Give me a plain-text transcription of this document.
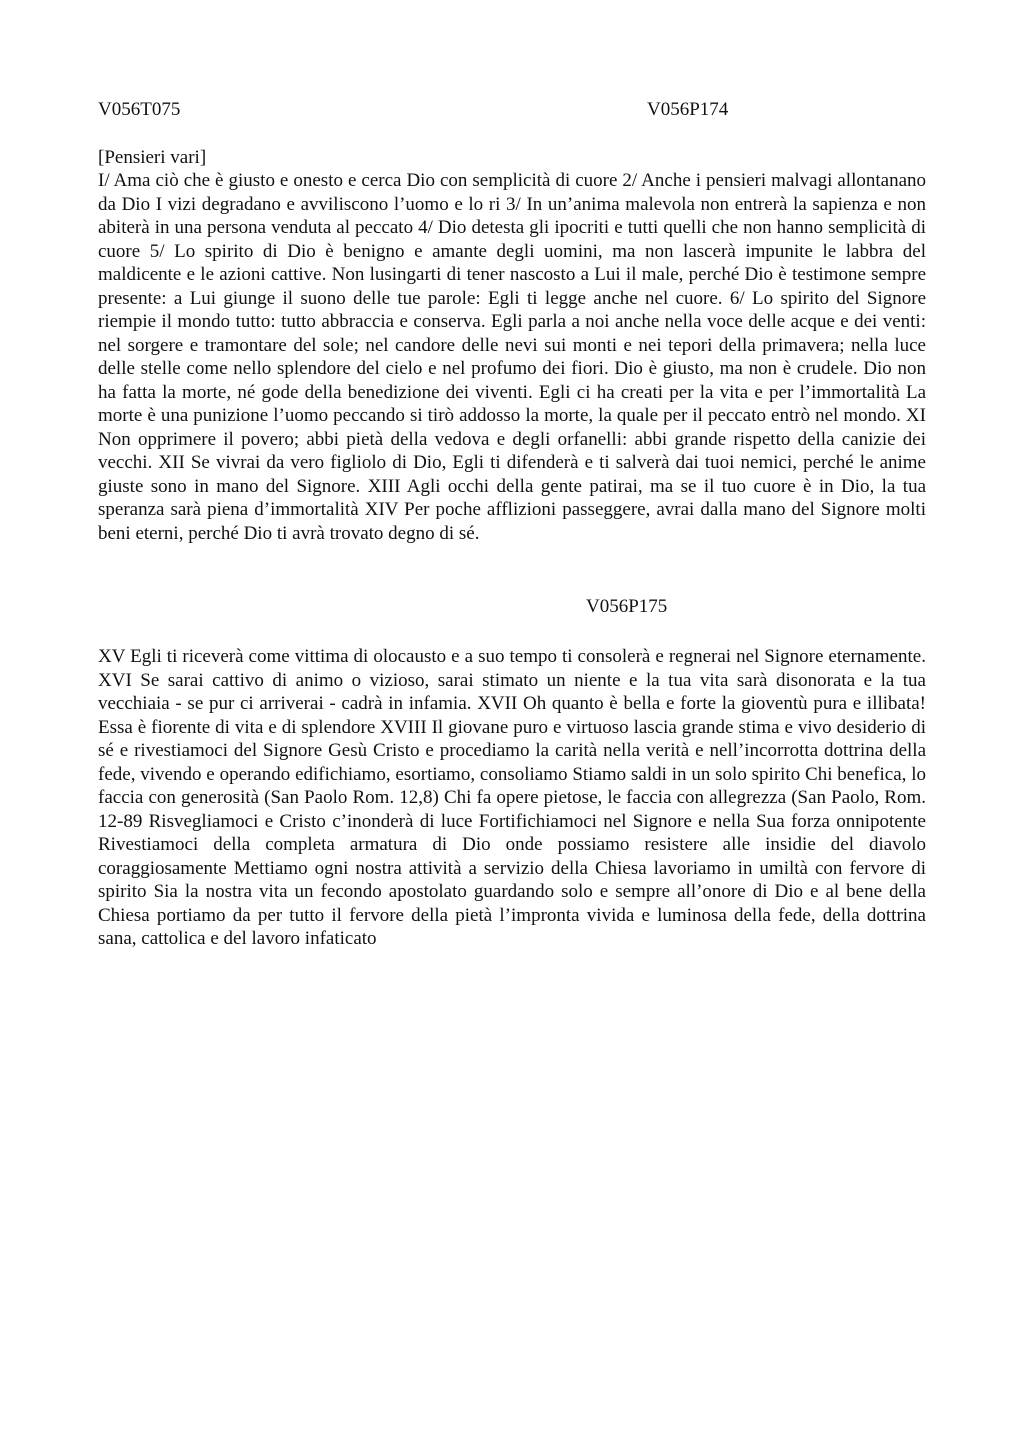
V056T075	V056P174
[Pensieri vari]
I/ Ama ciò che è giusto e onesto e cerca Dio con semplicità di cuore 2/ Anche i pensieri malvagi allontanano da Dio I vizi degradano e avviliscono l’uomo e lo ri 3/ In un’anima malevola non entrerà la sapienza e non abiterà in una persona venduta al peccato 4/ Dio detesta gli ipocriti e tutti quelli che non hanno semplicità di cuore 5/ Lo spirito di Dio è benigno e amante degli uomini, ma non lascerà impunite le labbra del maldicente e le azioni cattive. Non lusingarti di tener nascosto a Lui il male, perché Dio è testimone sempre presente: a Lui giunge il suono delle tue parole: Egli ti legge anche nel cuore. 6/ Lo spirito del Signore riempie il mondo tutto: tutto abbraccia e conserva. Egli parla a noi anche nella voce delle acque e dei venti: nel sorgere e tramontare del sole; nel candore delle nevi sui monti e nei tepori della primavera; nella luce delle stelle come nello splendore del cielo e nel profumo dei fiori. Dio è giusto, ma non è crudele. Dio non ha fatta la morte, né gode della benedizione dei viventi. Egli ci ha creati per la vita e per l’immortalità La morte è una punizione l’uomo peccando si tirò addosso la morte, la quale per il peccato entrò nel mondo. XI Non opprimere il povero; abbi pietà della vedova e degli orfanelli: abbi grande rispetto della canizie dei vecchi. XII Se vivrai da vero figliolo di Dio, Egli ti difenderà e ti salverà dai tuoi nemici, perché le anime giuste sono in mano del Signore. XIII Agli occhi della gente patirai, ma se il tuo cuore è in Dio, la tua speranza sarà piena d’immortalità XIV Per poche afflizioni passeggere, avrai dalla mano del Signore molti beni eterni, perché Dio ti avrà trovato degno di sé.
V056P175
XV Egli ti riceverà come vittima di olocausto e a suo tempo ti consolerà e regnerai nel Signore eternamente. XVI Se sarai cattivo di animo o vizioso, sarai stimato un niente e la tua vita sarà disonorata e la tua vecchiaia - se pur ci arriverai - cadrà in infamia. XVII Oh quanto è bella e forte la gioventù pura e illibata! Essa è fiorente di vita e di splendore XVIII Il giovane puro e virtuoso lascia grande stima e vivo desiderio di sé e rivestiamoci del Signore Gesù Cristo e procediamo la carità nella verità e nell’incorrotta dottrina della fede, vivendo e operando edifichiamo, esortiamo, consoliamo Stiamo saldi in un solo spirito Chi benefica, lo faccia con generosità (San Paolo Rom. 12,8) Chi fa opere pietose, le faccia con allegrezza (San Paolo, Rom. 12-89 Risvegliamoci e Cristo c’inonderà di luce Fortifichiamoci nel Signore e nella Sua forza onnipotente Rivestiamoci della completa armatura di Dio onde possiamo resistere alle insidie del diavolo coraggiosamente Mettiamo ogni nostra attività a servizio della Chiesa lavoriamo in umiltà con fervore di spirito Sia la nostra vita un fecondo apostolato guardando solo e sempre all’onore di Dio e al bene della Chiesa portiamo da per tutto il fervore della pietà l’impronta vivida e luminosa della fede, della dottrina sana, cattolica e del lavoro infaticato
